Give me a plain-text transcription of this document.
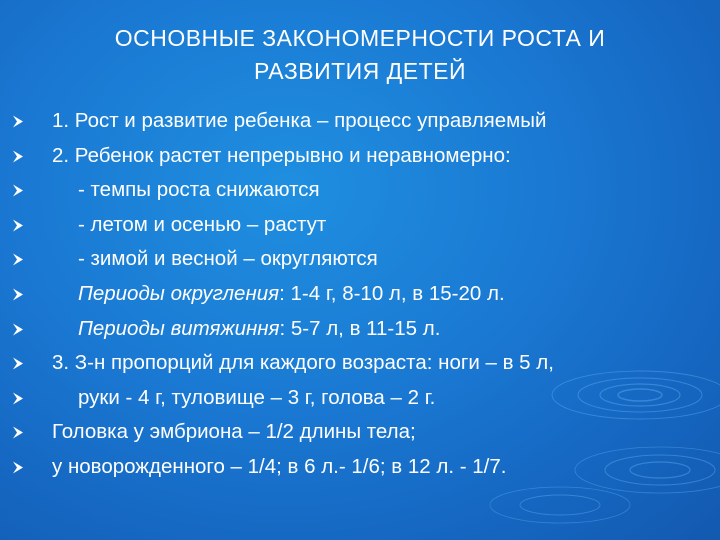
ОСНОВНЫЕ ЗАКОНОМЕРНОСТИ РОСТА И
РАЗВИТИЯ ДЕТЕЙ
1. Рост и развитие ребенка – процесс управляемый
2. Ребенок растет непрерывно и неравномерно:
- темпы роста снижаются
- летом и осенью – растут
- зимой и весной – округляются
Периоды округления: 1-4 г, 8-10 л, в 15-20 л.
Периоды витяжиння: 5-7 л, в 11-15 л.
3. З-н пропорций для каждого возраста: ноги – в 5 л,
руки - 4 г, туловище – 3 г, голова – 2 г.
Головка у эмбриона – 1/2 длины тела;
у новорожденного – 1/4; в 6 л.- 1/6; в 12 л. - 1/7.
